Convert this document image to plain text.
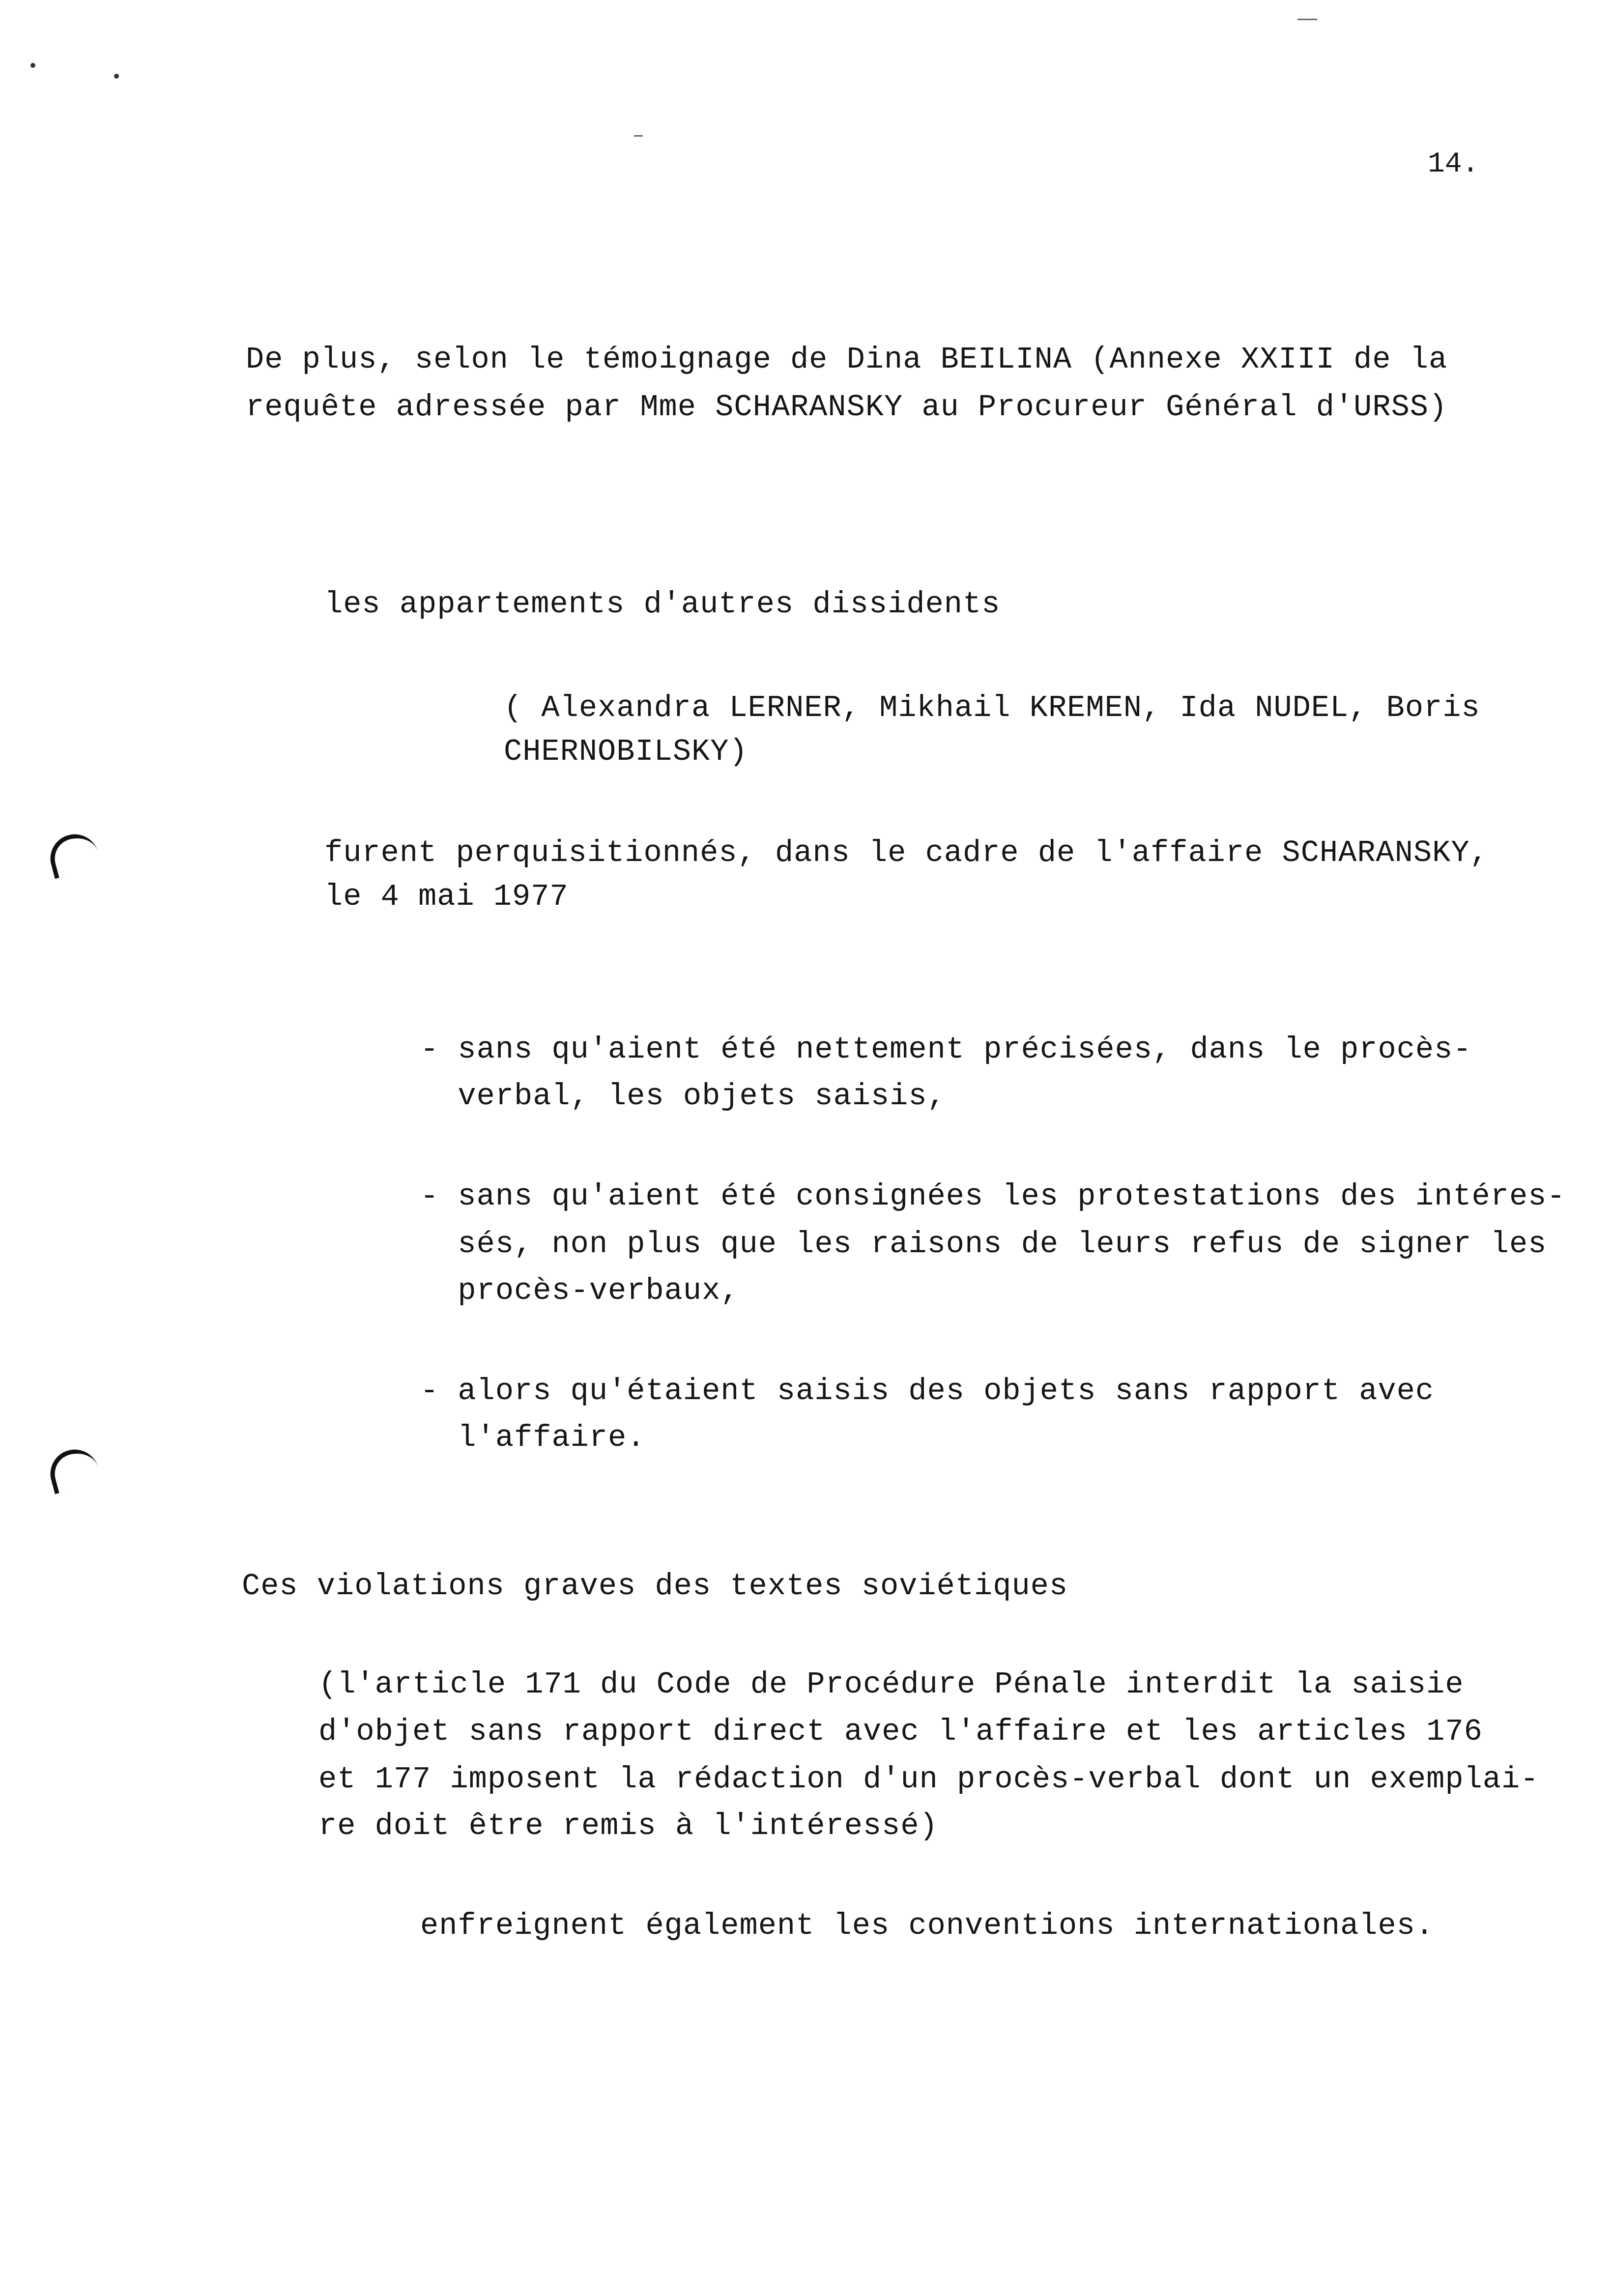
14.
De plus, selon le témoignage de Dina BEILINA (Annexe XXIII de la
requête adressée par Mme SCHARANSKY au Procureur Général d'URSS)
les appartements d'autres dissidents
( Alexandra LERNER, Mikhail KREMEN, Ida NUDEL, Boris
CHERNOBILSKY)
furent perquisitionnés, dans le cadre de l'affaire SCHARANSKY,
le 4 mai 1977
- sans qu'aient été nettement précisées, dans le procès-
verbal, les objets saisis,
- sans qu'aient été consignées les protestations des intéres-
sés, non plus que les raisons de leurs refus de signer les
procès-verbaux,
- alors qu'étaient saisis des objets sans rapport avec
l'affaire.
Ces violations graves des textes soviétiques
(l'article 171 du Code de Procédure Pénale interdit la saisie
d'objet sans rapport direct avec l'affaire et les articles 176
et 177 imposent la rédaction d'un procès-verbal dont un exemplai-
re doit être remis à l'intéressé)
enfreignent également les conventions internationales.
